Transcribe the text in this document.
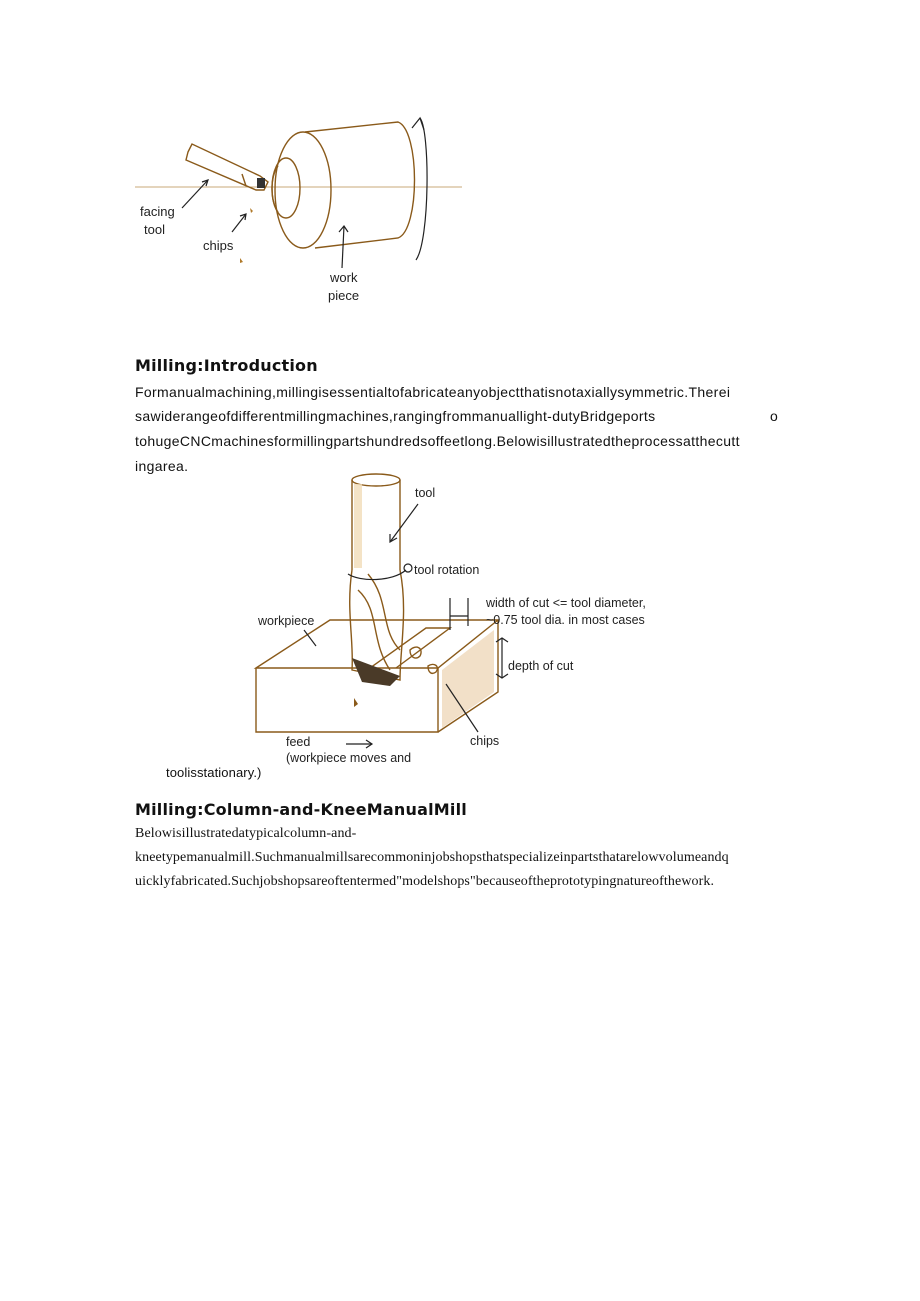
facing
tool
chips
work
piece
Milling:Introduction
Formanualmachining,millingisessentialtofabricateanyobjectthatisnotaxiallysymmetric.Therei
sawiderangeofdifferentmillingmachines,rangingfrommanuallight-dutyBridgeports	o
tohugeCNCmachinesformillingpartshundredsoffeetlong.Belowisillustratedtheprocessatthecutt
ingarea.
tool
tool rotation
width of cut <= tool diameter,
~0.75 tool dia. in most cases
workpiece
depth of cut
chips
feed
(workpiece moves and
toolisstationary.)
Milling:Column-and-KneeManualMill
Belowisillustratedatypicalcolumn-and-
kneetypemanualmill.Suchmanualmillsarecommoninjobshopsthatspecializeinpartsthatarelowvolumeandq
uicklyfabricated.Suchjobshopsareoftentermed"modelshops"becauseoftheprototypingnatureofthework.
